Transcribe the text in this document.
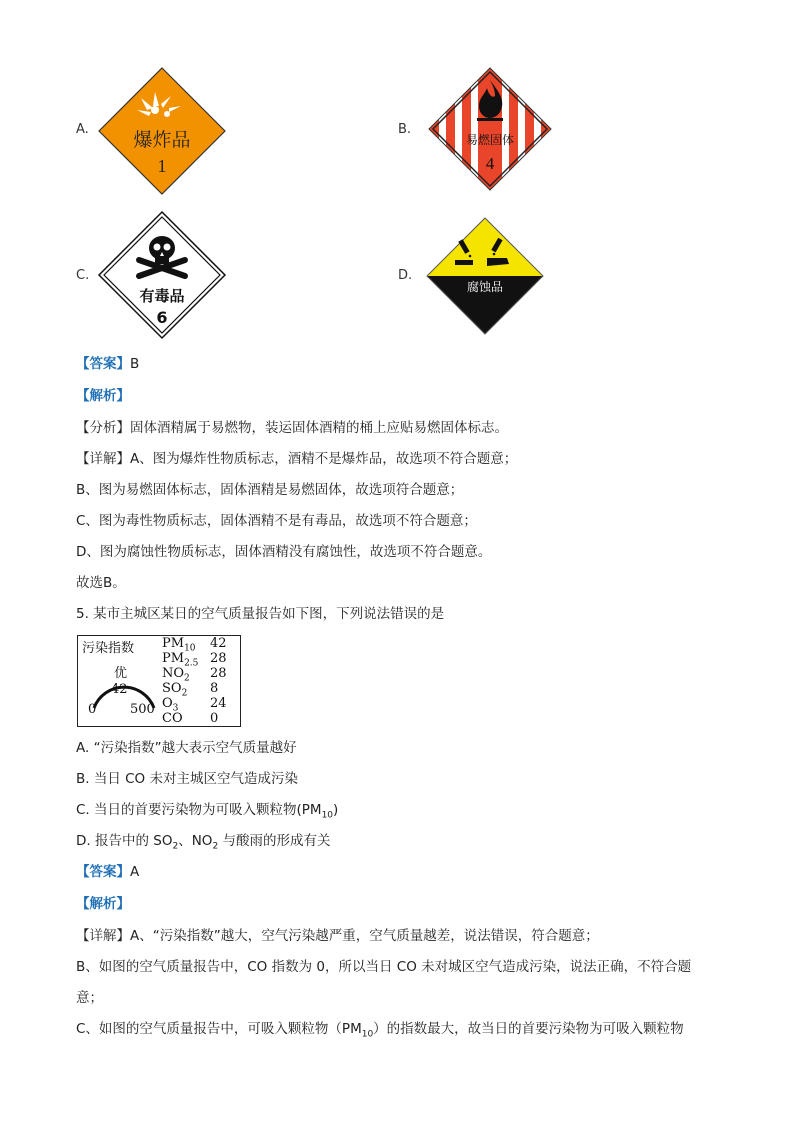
A. 爆炸品
1
B.
易燃固体
4
C.
有毒品
6
D.
腐蚀品
【答案】B
【解析】
【分析】固体酒精属于易燃物，装运固体酒精的桶上应贴易燃固体标志。
【详解】A、图为爆炸性物质标志，酒精不是爆炸品，故选项不符合题意；
B、图为易燃固体标志，固体酒精是易燃固体，故选项符合题意；
C、图为毒性物质标志，固体酒精不是有毒品，故选项不符合题意；
D、图为腐蚀性物质标志，固体酒精没有腐蚀性，故选项不符合题意。
故选B。
5. 某市主城区某日的空气质量报告如下图，下列说法错误的是
污染指数
优
42
0	500
$PM_{10}$ 42
$PM_{2.5}$ 28
$NO_2$ 28
$SO_2$ 8
$O_3$ 24
CO 0
A. “污染指数”越大表示空气质量越好
B. 当日 CO 未对主城区空气造成污染
C. 当日的首要污染物为可吸入颗粒物$(PM_{10})$
D. 报告中的 $SO_2$、$NO_2$ 与酸雨的形成有关
【答案】A
【解析】
【详解】A、“污染指数”越大，空气污染越严重，空气质量越差，说法错误，符合题意；
B、如图的空气质量报告中，CO 指数为 0，所以当日 CO 未对城区空气造成污染，说法正确，不符合题
意；
C、如图的空气质量报告中，可吸入颗粒物$(PM_{10})$的指数最大，故当日的首要污染物为可吸入颗粒物
